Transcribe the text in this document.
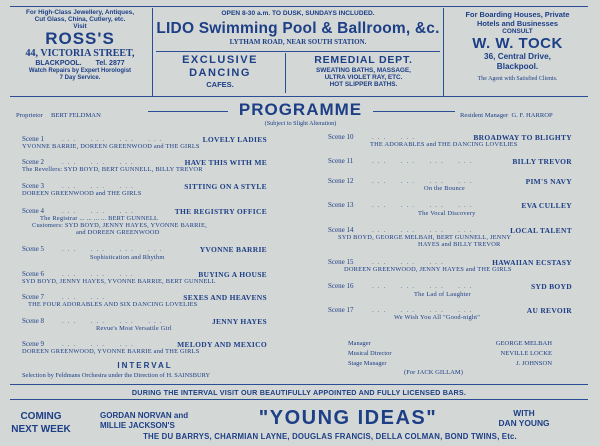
For High-Class Jewellery, Antiques,
Cut Glass, China, Cutlery, etc.
Visit
ROSS'S
44, VICTORIA STREET,
BLACKPOOL. Tel. 2877
Watch Repairs by Expert Horologist
7 Day Service.
OPEN 8-30 a.m. TO DUSK, SUNDAYS INCLUDED.
LIDO Swimming Pool & Ballroom, &c.
LYTHAM ROAD, NEAR SOUTH STATION.
EXCLUSIVE
DANCING
CAFES.
REMEDIAL DEPT.
SWEATING BATHS, MASSAGE,
ULTRA VIOLET RAY, ETC.
HOT SLIPPER BATHS.
For Boarding Houses, Private
Hotels and Businesses
CONSULT
W. W. TOCK
36, Central Drive,
Blackpool.
The Agent with Satisfied Clients.
Proprietor     BERT FELDMAN	PROGRAMME
(Subject to Slight Alteration)
Resident Manager  G. F. HARROP
Scene 1	...  ...  ...  ...	LOVELY LADIES
YVONNE BARRIE, DOREEN GREENWOOD and THE GIRLS
Scene 2	...  ...  ...	HAVE THIS WITH ME
The Revellers: SYD BOYD, BERT GUNNELL, BILLY TREVOR
Scene 3	...  ...  ...	SITTING ON A STYLE
DOREEN GREENWOOD and THE GIRLS
Scene 4	...  ...  ...	THE REGISTRY OFFICE
The Registrar ... ... ... ... BERT GUNNELL
Customers: SYD BOYD, JENNY HAYES, YVONNE BARRIE,
and DOREEN GREENWOOD
Scene 5	...  ...  ...  ...	YVONNE BARRIE
Sophistication and Rhythm
Scene 6	...  ...  ...	BUYING A HOUSE
SYD BOYD, JENNY HAYES, YVONNE BARRIE, BERT GUNNELL
Scene 7	...  ...	SEXES AND HEAVENS
THE FOUR ADORABLES AND SIX DANCING LOVELIES
Scene 8	...  ...  ...  ...	JENNY HAYES
Revue's Most Versatile Girl
Scene 9	...  ...  ...	MELODY AND MEXICO
DOREEN GREENWOOD, YVONNE BARRIE and THE GIRLS
INTERVAL
Selection by Feldmans Orchestra under the Direction of H. SAINSBURY
Scene 10	...  ...	BROADWAY TO BLIGHTY
THE ADORABLES and THE DANCING LOVELIES
Scene 11	...  ...  ...  ...	BILLY TREVOR
Scene 12	...  ...  ...  ...	PIM'S NAVY
On the Bounce
Scene 13	...  ...  ...  ...	EVA CULLEY
The Vocal Discovery
Scene 14	...  ...  ...  ...	LOCAL TALENT
SYD BOYD, GEORGE MELBAH, BERT GUNNELL, JENNY
HAYES and BILLY TREVOR
Scene 15	...  ...  ...	HAWAIIAN ECSTASY
DOREEN GREENWOOD, JENNY HAYES and THE GIRLS
Scene 16	...  ...  ...  ...	SYD BOYD
The Lad of Laughter
Scene 17	...  ...  ...  ...	AU REVOIR
We Wish You All "Good-night"
Manager	GEORGE MELBAH
Musical Director	NEVILLE LOCKE
Stage Manager	J. JOHNSON
(For JACK GILLAM)
DURING THE INTERVAL VISIT OUR BEAUTIFULLY APPOINTED AND FULLY LICENSED BARS.
COMING
NEXT WEEK
GORDAN NORVAN and
MILLIE JACKSON'S	"YOUNG IDEAS"	WITH
DAN YOUNG
THE DU BARRYS, CHARMIAN LAYNE, DOUGLAS FRANCIS, DELLA COLMAN, BOND TWINS, Etc.
